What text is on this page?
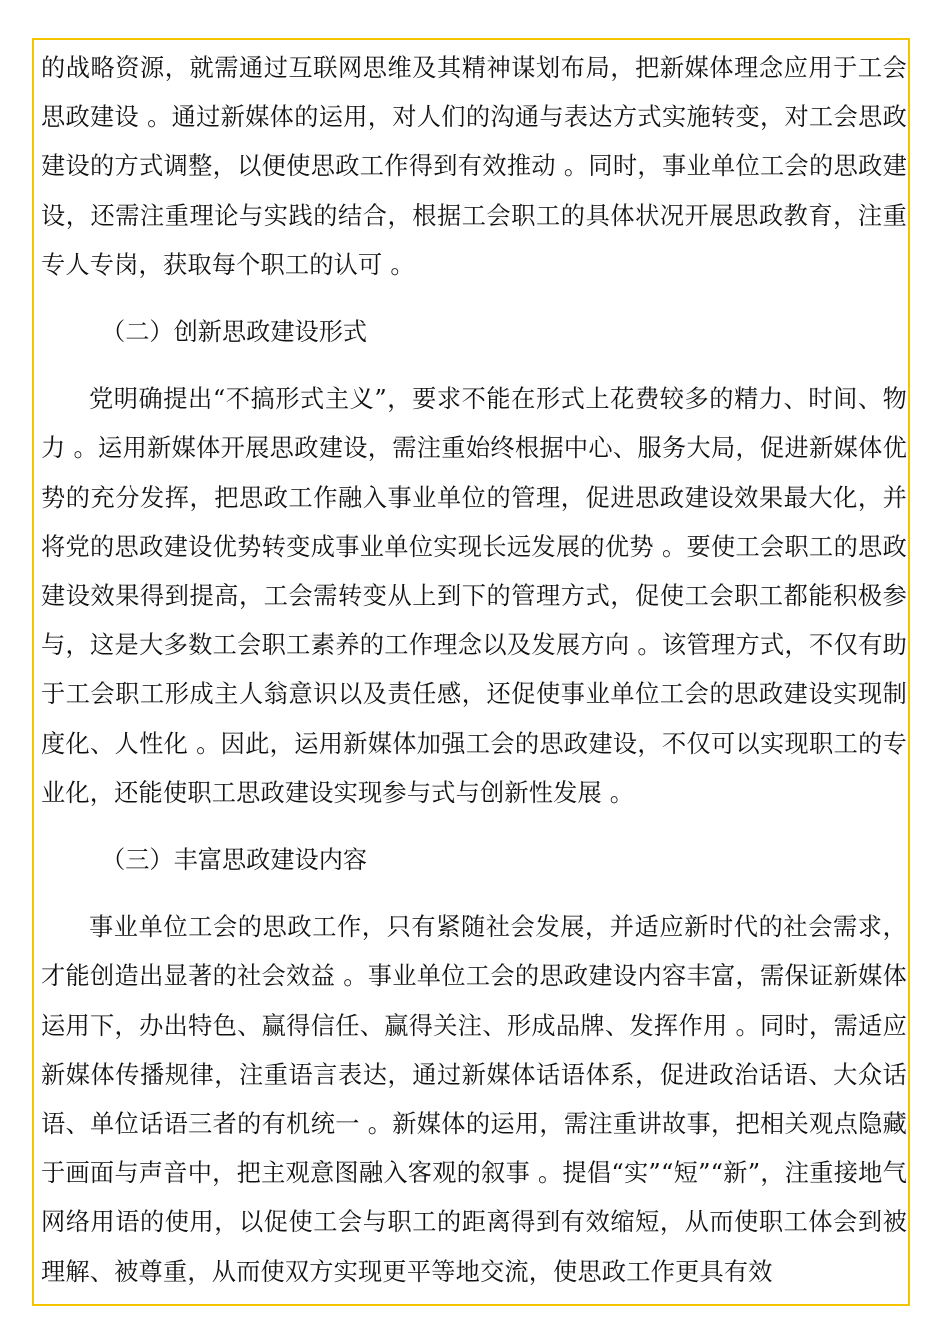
的战略资源，就需通过互联网思维及其精神谋划布局，把新媒体理念应用于工会思政建设 。通过新媒体的运用，对人们的沟通与表达方式实施转变，对工会思政建设的方式调整，以便使思政工作得到有效推动 。同时，事业单位工会的思政建设，还需注重理论与实践的结合，根据工会职工的具体状况开展思政教育，注重专人专岗，获取每个职工的认可 。

（二）创新思政建设形式

党明确提出“不搞形式主义”，要求不能在形式上花费较多的精力、时间、物力 。运用新媒体开展思政建设，需注重始终根据中心、服务大局，促进新媒体优势的充分发挥，把思政工作融入事业单位的管理，促进思政建设效果最大化，并将党的思政建设优势转变成事业单位实现长远发展的优势 。要使工会职工的思政建设效果得到提高，工会需转变从上到下的管理方式，促使工会职工都能积极参与，这是大多数工会职工素养的工作理念以及发展方向 。该管理方式，不仅有助于工会职工形成主人翁意识以及责任感，还促使事业单位工会的思政建设实现制度化、人性化 。因此，运用新媒体加强工会的思政建设，不仅可以实现职工的专业化，还能使职工思政建设实现参与式与创新性发展 。

（三）丰富思政建设内容

事业单位工会的思政工作，只有紧随社会发展，并适应新时代的社会需求，才能创造出显著的社会效益 。事业单位工会的思政建设内容丰富，需保证新媒体运用下，办出特色、赢得信任、赢得关注、形成品牌、发挥作用 。同时，需适应新媒体传播规律，注重语言表达，通过新媒体话语体系，促进政治话语、大众话语、单位话语三者的有机统一 。新媒体的运用，需注重讲故事，把相关观点隐藏于画面与声音中，把主观意图融入客观的叙事 。提倡“实”“短”“新”，注重接地气网络用语的使用，以促使工会与职工的距离得到有效缩短，从而使职工体会到被理解、被尊重，从而使双方实现更平等地交流，使思政工作更具有效
